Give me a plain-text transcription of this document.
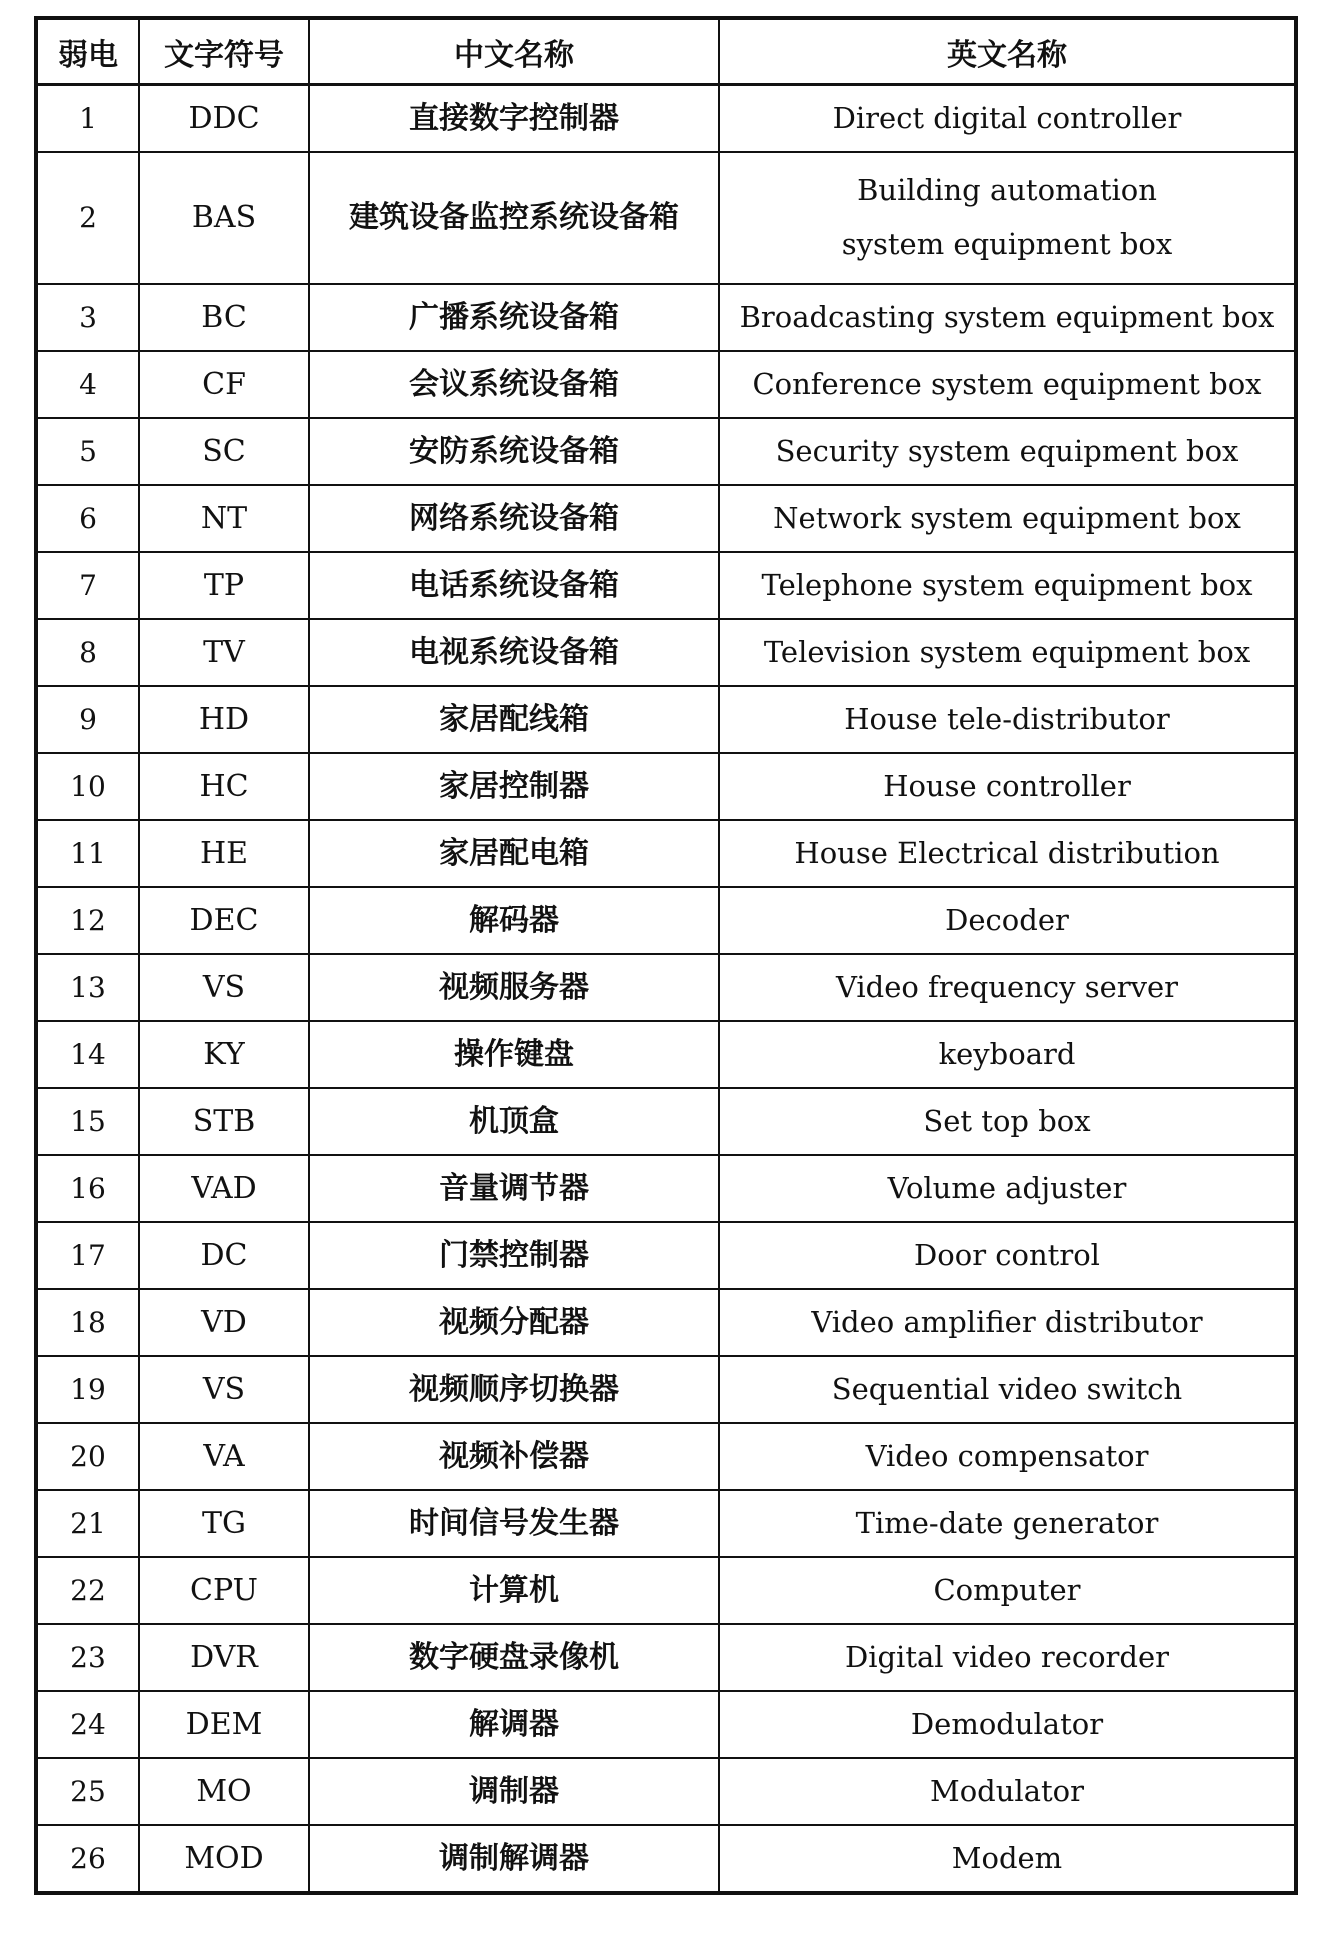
弱电	文字符号	中文名称	英文名称
1	DDC	直接数字控制器	Direct digital controller
2	BAS	建筑设备监控系统设备箱	Building automation
system equipment box
3	BC	广播系统设备箱	Broadcasting system equipment box
4	CF	会议系统设备箱	Conference system equipment box
5	SC	安防系统设备箱	Security system equipment box
6	NT	网络系统设备箱	Network system equipment box
7	TP	电话系统设备箱	Telephone system equipment box
8	TV	电视系统设备箱	Television system equipment box
9	HD	家居配线箱	House tele-distributor
10	HC	家居控制器	House controller
11	HE	家居配电箱	House Electrical distribution
12	DEC	解码器	Decoder
13	VS	视频服务器	Video frequency server
14	KY	操作键盘	keyboard
15	STB	机顶盒	Set top box
16	VAD	音量调节器	Volume adjuster
17	DC	门禁控制器	Door control
18	VD	视频分配器	Video amplifier distributor
19	VS	视频顺序切换器	Sequential video switch
20	VA	视频补偿器	Video compensator
21	TG	时间信号发生器	Time-date generator
22	CPU	计算机	Computer
23	DVR	数字硬盘录像机	Digital video recorder
24	DEM	解调器	Demodulator
25	MO	调制器	Modulator
26	MOD	调制解调器	Modem
